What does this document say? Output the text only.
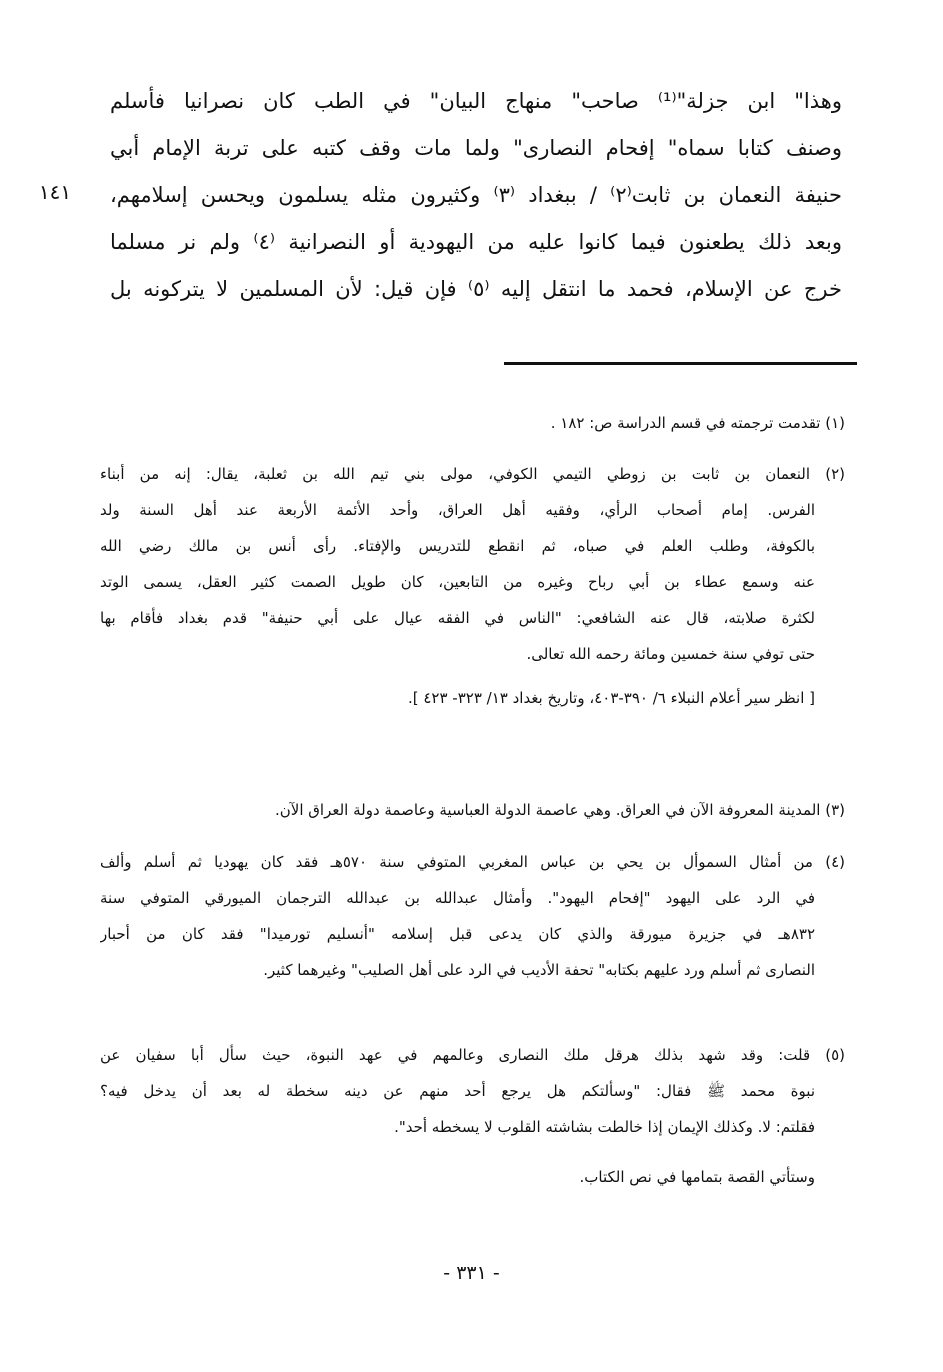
١٤١
وهذا" ابن جزلة"⁽¹⁾ صاحب" منهاج البيان" في الطب كان نصرانيا فأسلم
وصنف كتابا سماه" إفحام النصارى" ولما مات وقف كتبه على تربة الإمام أبي
حنيفة النعمان بن ثابت⁽٢⁾ / ببغداد ⁽٣⁾ وكثيرون مثله يسلمون ويحسن إسلامهم،
وبعد ذلك يطعنون فيما كانوا عليه من اليهودية أو النصرانية ⁽٤⁾ ولم نر مسلما
خرج عن الإسلام، فحمد ما انتقل إليه ⁽٥⁾ فإن قيل: لأن المسلمين لا يتركونه بل
(١) تقدمت ترجمته في قسم الدراسة ص: ١٨٢ .
(٢) النعمان بن ثابت بن زوطي التيمي الكوفي، مولى بني تيم الله بن ثعلبة، يقال: إنه من أبناء
الفرس. إمام أصحاب الرأي، وفقيه أهل العراق، وأحد الأئمة الأربعة عند أهل السنة ولد
بالكوفة، وطلب العلم في صباه، ثم انقطع للتدريس والإفتاء. رأى أنس بن مالك رضي الله
عنه وسمع عطاء بن أبي رباح وغيره من التابعين، كان طويل الصمت كثير العقل، يسمى الوتد
لكثرة صلابته، قال عنه الشافعي: "الناس في الفقه عيال على أبي حنيفة" قدم بغداد فأقام بها
حتى توفي سنة خمسين ومائة رحمه الله تعالى.
[ انظر سير أعلام النبلاء ٦/ ٣٩٠-٤٠٣، وتاريخ بغداد ١٣/ ٣٢٣- ٤٢٣ ].
(٣) المدينة المعروفة الآن في العراق. وهي عاصمة الدولة العباسية وعاصمة دولة العراق الآن.
(٤) من أمثال السموأل بن يحي بن عباس المغربي المتوفي سنة ٥٧٠هـ فقد كان يهوديا ثم أسلم وألف
في الرد على اليهود "إفحام اليهود". وأمثال عبدالله بن عبدالله الترجمان الميورقي المتوفي سنة
٨٣٢هـ في جزيرة ميورقة والذي كان يدعى قبل إسلامه "أنسليم تورميدا" فقد كان من أحبار
النصارى ثم أسلم ورد عليهم بكتابه" تحفة الأديب في الرد على أهل الصليب" وغيرهما كثير.
(٥) قلت: وقد شهد بذلك هرقل ملك النصارى وعالمهم في عهد النبوة، حيث سأل أبا سفيان عن
نبوة محمد ﷺ فقال: "وسألتكم هل يرجع أحد منهم عن دينه سخطة له بعد أن يدخل فيه؟
فقلتم: لا. وكذلك الإيمان إذا خالطت بشاشته القلوب لا يسخطه أحد".
وستأتي القصة بتمامها في نص الكتاب.
- ٣٣١ -
